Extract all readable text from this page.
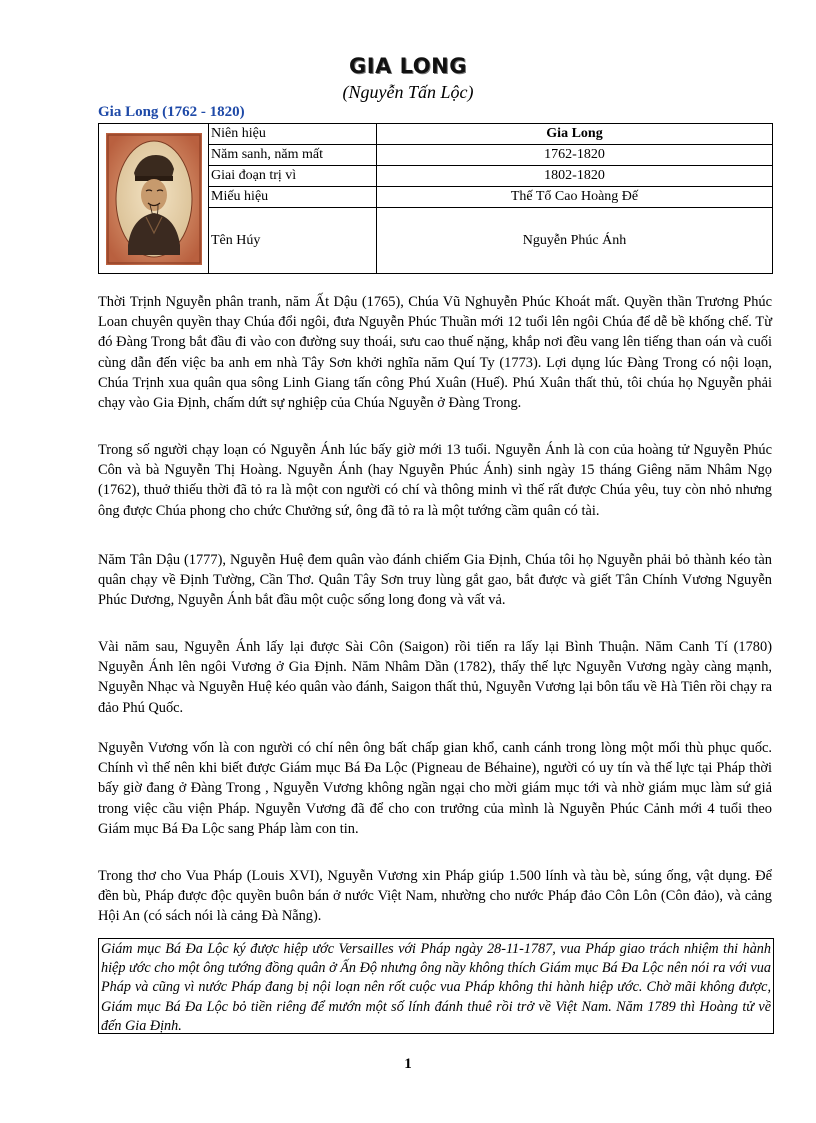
GIA LONG
(Nguyễn Tấn Lộc)
Gia Long (1762 - 1820)
Niên hiệu	Gia Long
Năm sanh, năm mất	1762-1820
Giai đoạn trị vì	1802-1820
Miếu hiệu	Thế Tổ Cao Hoàng Đế
Tên Húy	Nguyễn Phúc Ánh
Thời Trịnh Nguyễn phân tranh, năm Ất Dậu (1765), Chúa Vũ Nghuyễn Phúc Khoát mất. Quyền thần Trương Phúc Loan chuyên quyền thay Chúa đổi ngôi, đưa Nguyễn Phúc Thuần mới 12 tuổi lên ngôi Chúa để dễ bề khống chế. Từ đó Đàng Trong bắt đầu đi vào con đường suy thoái, sưu cao thuế nặng, khắp nơi đều vang lên tiếng than oán và cuối cùng dẫn đến việc ba anh em nhà Tây Sơn khởi nghĩa năm Quí Ty (1773). Lợi dụng lúc Đàng Trong có nội loạn, Chúa Trịnh xua quân qua sông Linh Giang tấn công Phú Xuân (Huế). Phú Xuân thất thủ, tôi chúa họ Nguyễn phải chạy vào Gia Định, chấm dứt sự nghiệp của Chúa Nguyễn ở Đàng Trong.
Trong số người chạy loạn có Nguyễn Ánh lúc bấy giờ mới 13 tuổi. Nguyễn Ánh là con của hoàng tử Nguyễn Phúc Côn và bà Nguyễn Thị Hoàng. Nguyễn Ánh (hay Nguyễn Phúc Ánh) sinh ngày 15 tháng Giêng năm Nhâm Ngọ (1762), thuở thiếu thời đã tỏ ra là một con người có chí và thông minh vì thế rất được Chúa yêu, tuy còn nhỏ nhưng ông được Chúa phong cho chức Chưởng sứ, ông đã tỏ ra là một tướng cầm quân có tài.
Năm Tân Dậu (1777), Nguyễn Huệ đem quân vào đánh chiếm Gia Định, Chúa tôi họ Nguyễn phải bỏ thành kéo tàn quân chạy về Định Tường, Cần Thơ. Quân Tây Sơn truy lùng gắt gao, bắt được và giết Tân Chính Vương Nguyễn Phúc Dương, Nguyễn Ánh bắt đầu một cuộc sống long đong và vất vả.
Vài năm sau, Nguyễn Ánh lấy lại được Sài Côn (Saigon) rồi tiến ra lấy lại Bình Thuận. Năm Canh Tí (1780) Nguyễn Ánh lên ngôi Vương ở Gia Định. Năm Nhâm Dần (1782), thấy thế lực Nguyễn Vương ngày càng mạnh, Nguyễn Nhạc và Nguyễn Huệ kéo quân vào đánh, Saigon thất thủ, Nguyễn Vương lại bôn tẩu về Hà Tiên rồi chạy ra đảo Phú Quốc.
Nguyễn Vương vốn là con người có chí nên ông bất chấp gian khổ, canh cánh trong lòng một mối thù phục quốc. Chính vì thế nên khi biết được Giám mục Bá Đa Lộc (Pigneau de Béhaine), người có uy tín và thế lực tại Pháp thời bấy giờ đang ở Đàng Trong , Nguyễn Vương không ngần ngại cho mời giám mục tới và nhờ giám mục làm sứ giả trong việc cầu viện Pháp. Nguyễn Vương đã để cho con trưởng của mình là Nguyễn Phúc Cảnh mới 4 tuổi theo Giám mục Bá Đa Lộc sang Pháp làm con tin.
Trong thơ cho Vua Pháp (Louis XVI), Nguyễn Vương xin Pháp giúp 1.500 lính và tàu bè, súng ống, vật dụng. Để đền bù, Pháp được độc quyền buôn bán ở nước Việt Nam, nhường cho nước Pháp đảo Côn Lôn (Côn đảo), và cảng Hội An (có sách nói là cảng Đà Nẵng).
Giám mục Bá Đa Lộc ký được hiệp ước Versailles với Pháp ngày 28-11-1787, vua Pháp giao trách nhiệm thi hành hiệp ước cho một ông tướng đồng quân ở Ấn Độ nhưng ông nầy không thích Giám mục Bá Đa Lộc nên nói ra với vua Pháp và cũng vì nước Pháp đang bị nội loạn nên rốt cuộc vua Pháp không thi hành hiệp ước. Chờ mãi không được, Giám mục Bá Đa Lộc bỏ tiền riêng để mướn một số lính đánh thuê rồi trở về Việt Nam. Năm 1789 thì Hoàng tử về đến Gia Định.
1
